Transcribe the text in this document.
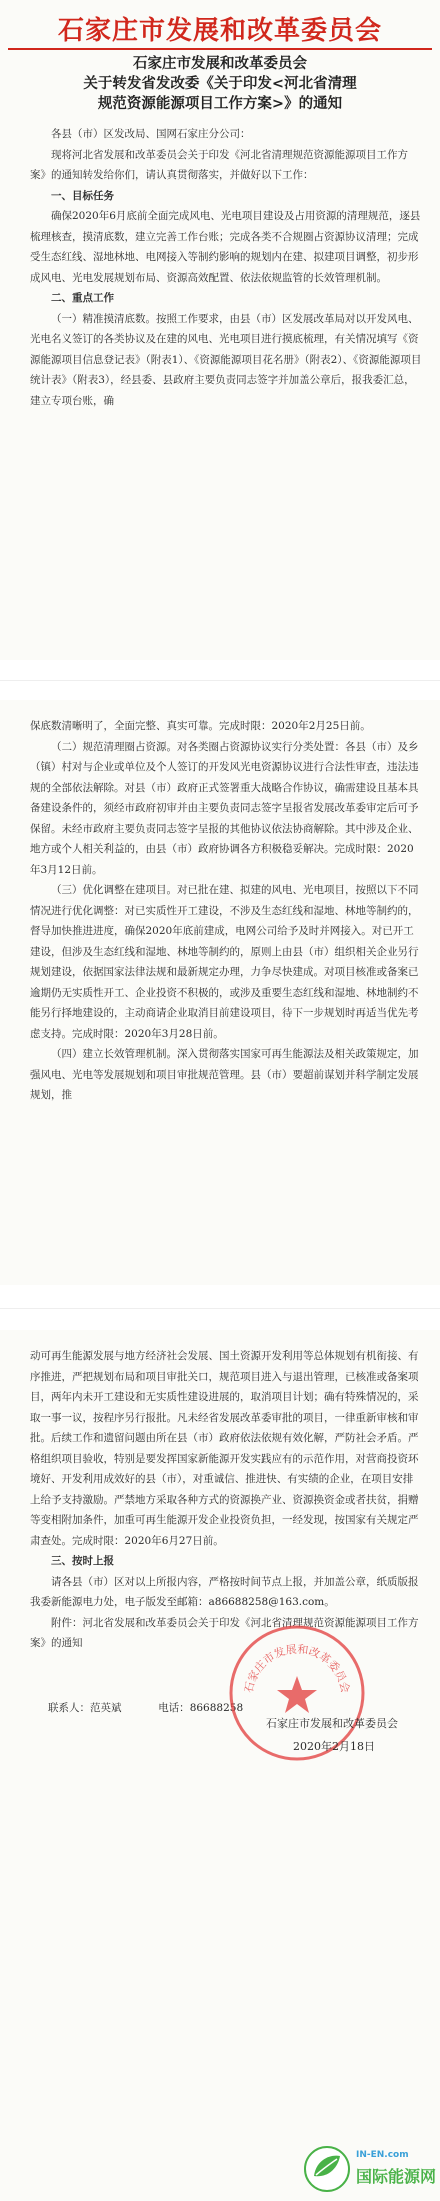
石家庄市发展和改革委员会
石家庄市发展和改革委员会
关于转发省发改委《关于印发<河北省清理
规范资源能源项目工作方案>》的通知

各县（市）区发改局、国网石家庄分公司：

现将河北省发展和改革委员会关于印发《河北省清理规范资源能源项目工作方案》的通知转发给你们，请认真贯彻落实，并做好以下工作：

一、目标任务

确保2020年6月底前全面完成风电、光电项目建设及占用资源的清理规范，逐县梳理核查，摸清底数，建立完善工作台账；完成各类不合规圈占资源协议清理；完成受生态红线、湿地林地、电网接入等制约影响的规划内在建、拟建项目调整，初步形成风电、光电发展规划布局、资源高效配置、依法依规监管的长效管理机制。

二、重点工作

（一）精准摸清底数。按照工作要求，由县（市）区发展改革局对以开发风电、光电名义签订的各类协议及在建的风电、光电项目进行摸底梳理，有关情况填写《资源能源项目信息登记表》（附表1）、《资源能源项目花名册》（附表2）、《资源能源项目统计表》（附表3），经县委、县政府主要负责同志签字并加盖公章后，报我委汇总，建立专项台账，确

保底数清晰明了，全面完整、真实可靠。完成时限：2020年2月25日前。

（二）规范清理圈占资源。对各类圈占资源协议实行分类处置：各县（市）及乡（镇）村对与企业或单位及个人签订的开发风光电资源协议进行合法性审查，违法违规的全部依法解除。对县（市）政府正式签署重大战略合作协议，确需建设且基本具备建设条件的，须经市政府初审并由主要负责同志签字呈报省发展改革委审定后可予保留。未经市政府主要负责同志签字呈报的其他协议依法协商解除。其中涉及企业、地方或个人相关利益的，由县（市）政府协调各方积极稳妥解决。完成时限：2020年3月12日前。

（三）优化调整在建项目。对已批在建、拟建的风电、光电项目，按照以下不同情况进行优化调整：对已实质性开工建设，不涉及生态红线和湿地、林地等制约的，督导加快推进进度，确保2020年底前建成，电网公司给予及时并网接入。对已开工建设，但涉及生态红线和湿地、林地等制约的，原则上由县（市）组织相关企业另行规划建设，依据国家法律法规和最新规定办理，力争尽快建成。对项目核准或备案已逾期仍无实质性开工、企业投资不积极的，或涉及重要生态红线和湿地、林地制约不能另行择地建设的，主动商请企业取消目前建设项目，待下一步规划时再适当优先考虑支持。完成时限：2020年3月28日前。

（四）建立长效管理机制。深入贯彻落实国家可再生能源法及相关政策规定，加强风电、光电等发展规划和项目审批规范管理。县（市）要超前谋划并科学制定发展规划，推

动可再生能源发展与地方经济社会发展、国土资源开发利用等总体规划有机衔接、有序推进，严把规划布局和项目审批关口，规范项目进入与退出管理，已核准或备案项目，两年内未开工建设和无实质性建设进展的，取消项目计划；确有特殊情况的，采取一事一议，按程序另行报批。凡未经省发展改革委审批的项目，一律重新审核和审批。后续工作和遗留问题由所在县（市）政府依法依规有效化解，严防社会矛盾。严格组织项目验收，特别是要发挥国家新能源开发实践应有的示范作用，对营商投资环境好、开发利用成效好的县（市），对重诚信、推进快、有实绩的企业，在项目安排上给予支持激励。严禁地方采取各种方式的资源换产业、资源换资金或者扶贫，捐赠等变相附加条件，加重可再生能源开发企业投资负担，一经发现，按国家有关规定严肃查处。完成时限：2020年6月27日前。

三、按时上报

请各县（市）区对以上所报内容，严格按时间节点上报，并加盖公章，纸质版报我委新能源电力处，电子版发至邮箱：a86688258@163.com。

附件：河北省发展和改革委员会关于印发《河北省清理规范资源能源项目工作方案》的通知

联系人：范英斌	电话：86688258
石家庄市发展和改革委员会
石家庄市发展和改革委员会
2020年2月18日
IN-EN.com
国际能源网
